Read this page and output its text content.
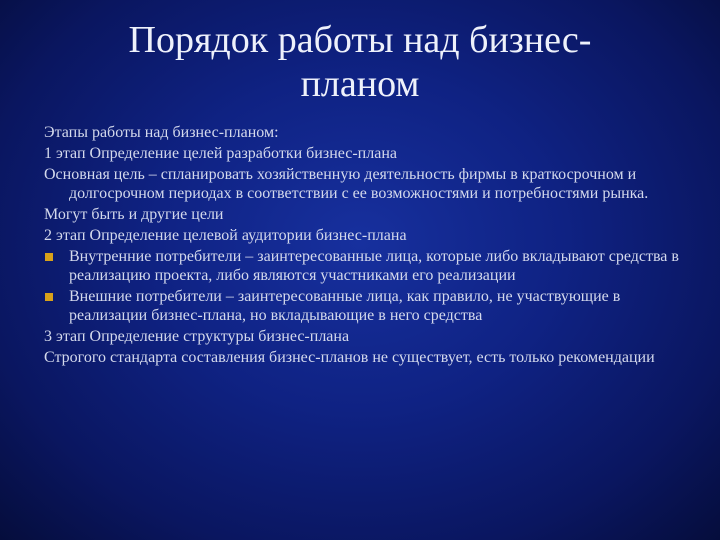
Порядок работы над бизнес-
планом

Этапы работы над бизнес-планом:

1 этап Определение целей разработки бизнес-плана

Основная цель – спланировать хозяйственную деятельность фирмы в краткосрочном и долгосрочном периодах в соответствии с ее возможностями и потребностями рынка.

Могут быть и другие цели

2 этап Определение целевой аудитории бизнес-плана

Внутренние потребители – заинтересованные лица, которые либо вкладывают средства в реализацию проекта, либо являются участниками его реализации
Внешние потребители – заинтересованные лица, как правило, не участвующие в реализации бизнес-плана, но вкладывающие в него средства

3 этап Определение структуры бизнес-плана

Строгого стандарта составления бизнес-планов не существует, есть только рекомендации
